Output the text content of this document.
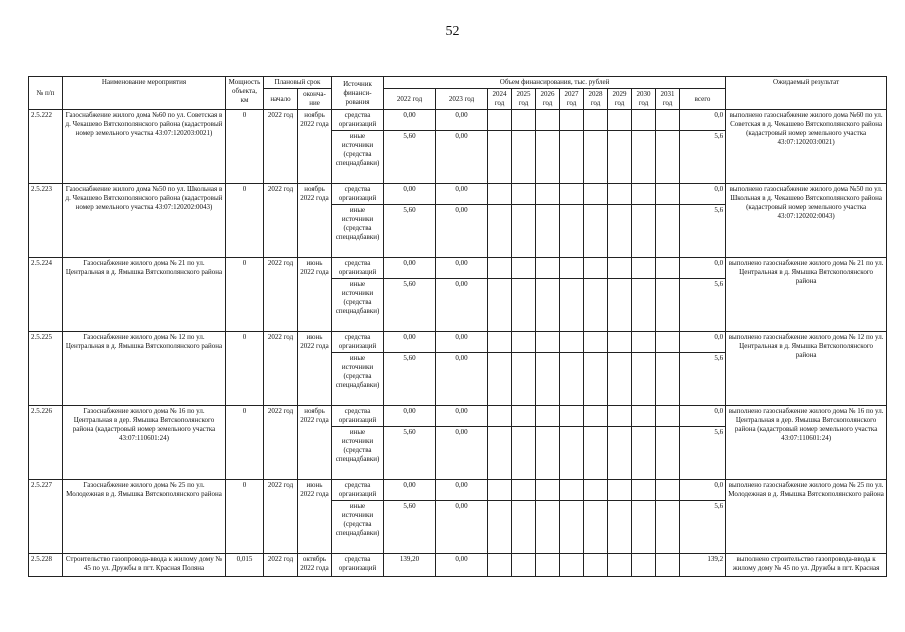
52
№ п/п	Наименование мероприятия	Мощность объекта, км	Плановый срок		Источник финанси- рования	Объем финансирования, тыс. рублей											Ожидаемый результат
			начало	оконча- ние		2022 год	2023 год	2024 год	2025 год	2026 год	2027 год	2028 год	2029 год	2030 год	2031 год	всего	
2.5.222	Газоснабжение жилого дома №60 по ул. Советская в д. Чекашево Вятскополянского района (кадастровый номер земельного участка 43:07:120203:0021)	0	2022 год	ноябрь 2022 года	средства организаций	0,00	0,00									0,0	выполнено газоснабжение жилого дома №60 по ул. Советская в д. Чекашево Вятскополянского района (кадастровый номер земельного участка 43:07:120203:0021)
					иные источники (средства спецнадбавки)	5,60	0,00									5,6	
2.5.223	Газоснабжение жилого дома №50 по ул. Школьная в д. Чекашево Вятскополянского района (кадастровый номер земельного участка 43:07:120202:0043)	0	2022 год	ноябрь 2022 года	средства организаций	0,00	0,00									0,0	выполнено газоснабжение жилого дома №50 по ул. Школьная в д. Чекашево Вятскополянского района (кадастровый номер земельного участка 43:07:120202:0043)
					иные источники (средства спецнадбавки)	5,60	0,00									5,6	
2.5.224	Газоснабжение жилого дома № 21 по ул. Центральная в д. Ямышка Вятскополянского района	0	2022 год	июнь 2022 года	средства организаций	0,00	0,00									0,0	выполнено газоснабжение жилого дома № 21 по ул. Центральная в д. Ямышка Вятскополянского района
					иные источники (средства спецнадбавки)	5,60	0,00									5,6	
2.5.225	Газоснабжение жилого дома № 12 по ул. Центральная в д. Ямышка Вятскополянского района	0	2022 год	июнь 2022 года	средства организаций	0,00	0,00									0,0	выполнено газоснабжение жилого дома № 12 по ул. Центральная в д. Ямышка Вятскополянского района
					иные источники (средства спецнадбавки)	5,60	0,00									5,6	
2.5.226	Газоснабжение жилого дома № 16 по ул. Центральная в дер. Ямышка Вятскополянского района (кадастровый номер земельного участка 43:07:110601:24)	0	2022 год	ноябрь 2022 года	средства организаций	0,00	0,00									0,0	выполнено газоснабжение жилого дома № 16 по ул. Центральная в дер. Ямышка Вятскополянского района (кадастровый номер земельного участка 43:07:110601:24)
					иные источники (средства спецнадбавки)	5,60	0,00									5,6	
2.5.227	Газоснабжение жилого дома № 25 по ул. Молодежная в д. Ямышка Вятскополянского района	0	2022 год	июнь 2022 года	средства организаций	0,00	0,00									0,0	выполнено газоснабжение жилого дома № 25 по ул. Молодежная в д. Ямышка Вятскополянского района
					иные источники (средства спецнадбавки)	5,60	0,00									5,6	
2.5.228	Строительство газопровода-ввода к жилому дому № 45 по ул. Дружбы в пгт. Красная Поляна	0,015	2022 год	октябрь 2022 года	средства организаций	139,20	0,00									139,2	выполнено строительство газопровода-ввода к жилому дому № 45 по ул. Дружбы в пгт. Красная
